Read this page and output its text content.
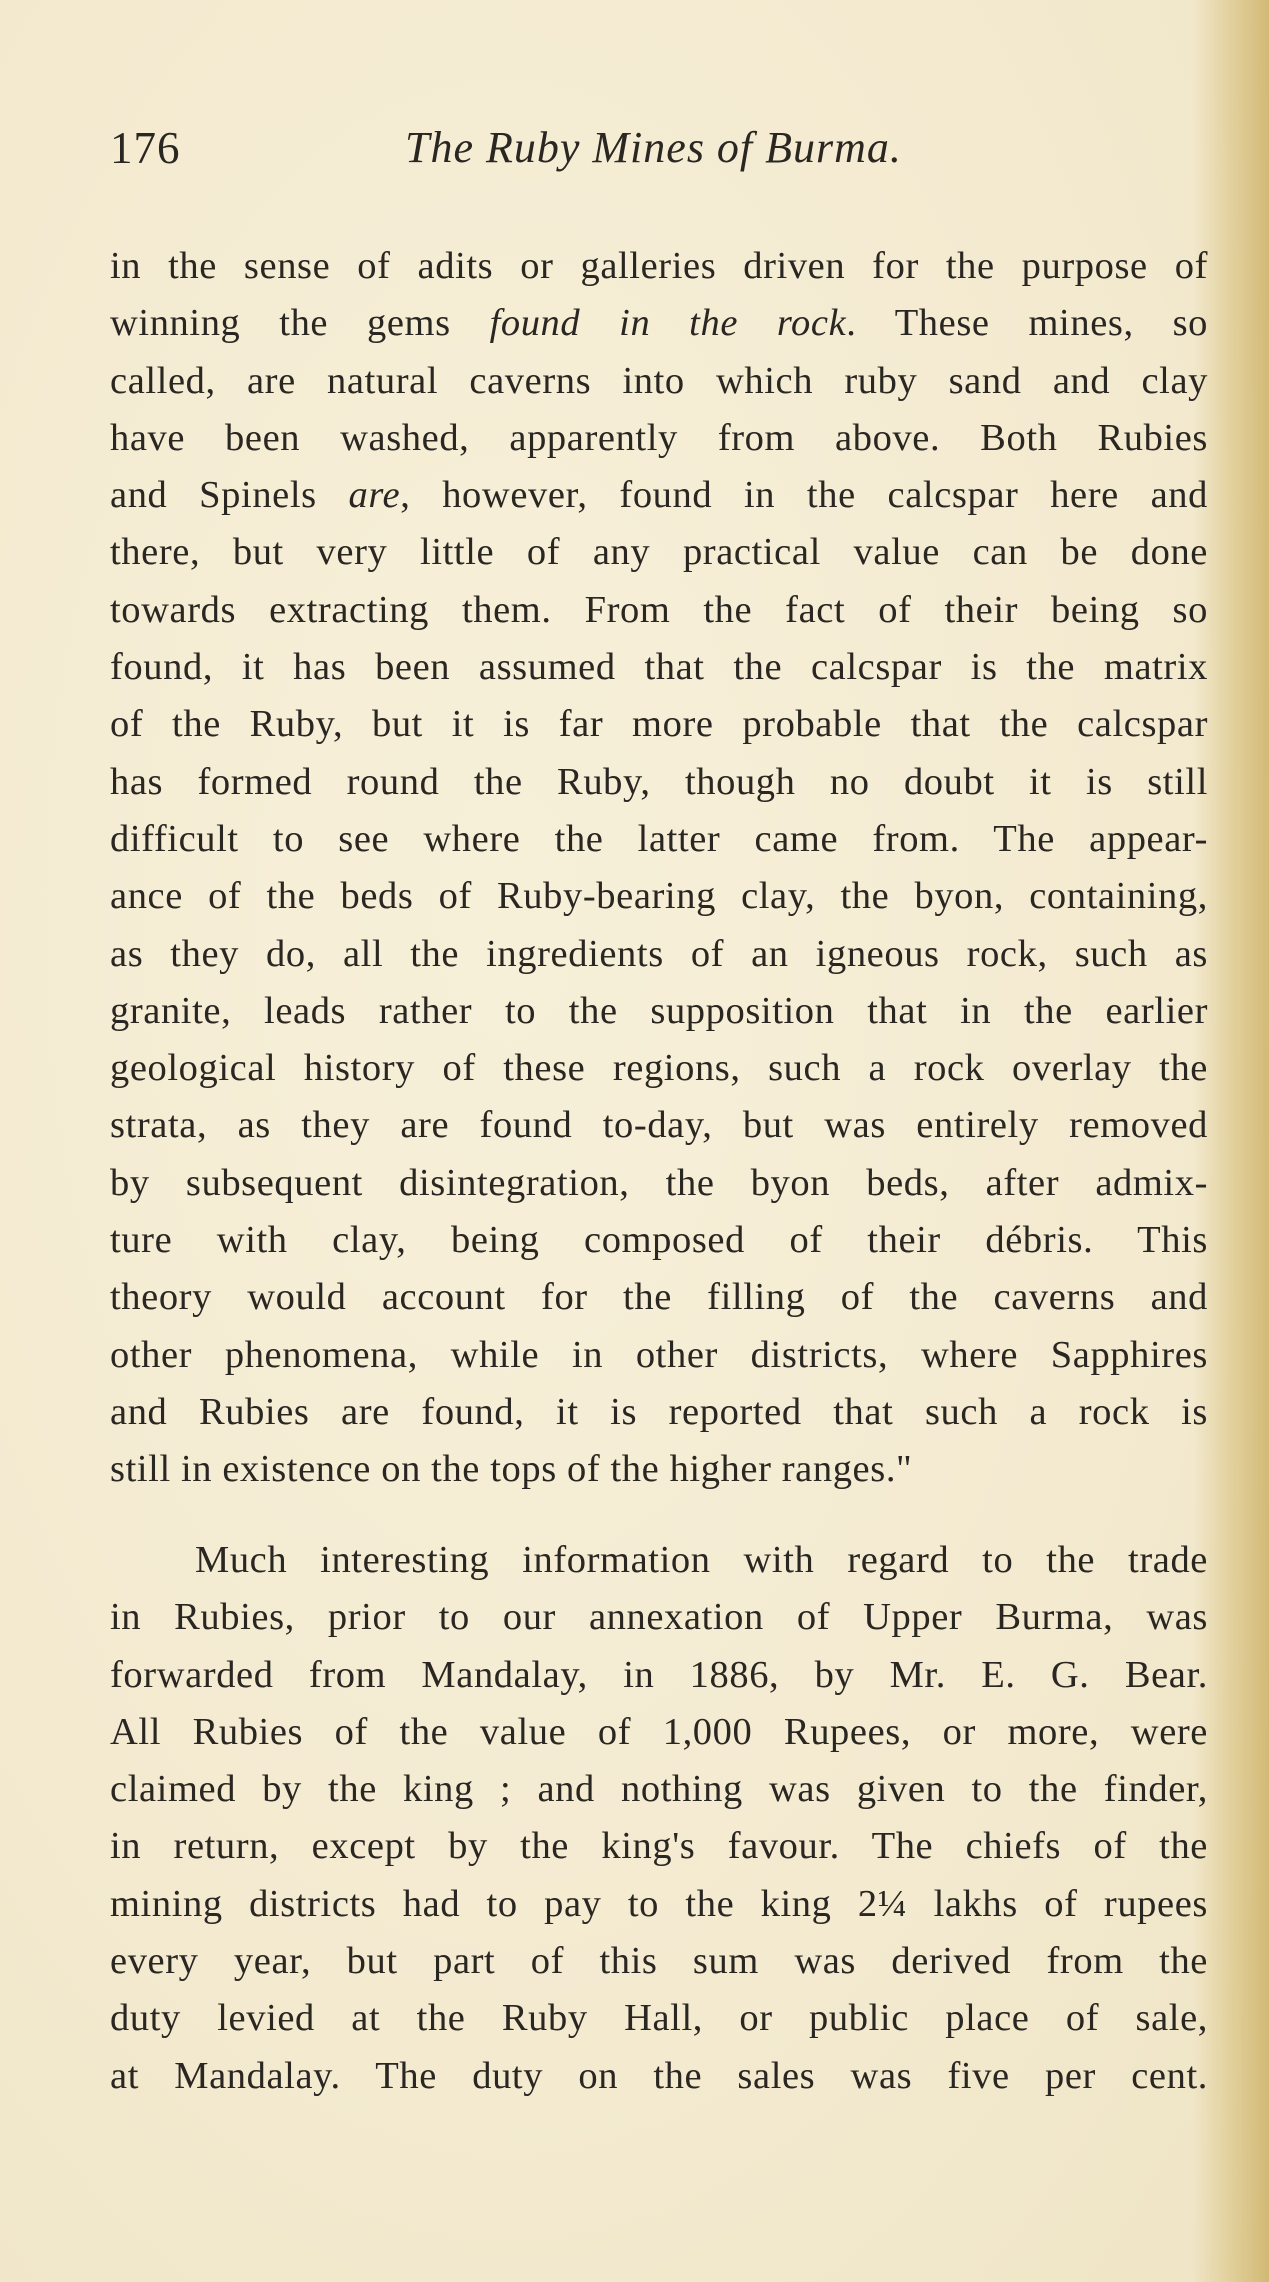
176	The Ruby Mines of Burma.
in the sense of adits or galleries driven for the purpose of
winning the gems found in the rock. These mines, so
called, are natural caverns into which ruby sand and clay
have been washed, apparently from above. Both Rubies
and Spinels are, however, found in the calcspar here and
there, but very little of any practical value can be done
towards extracting them. From the fact of their being so
found, it has been assumed that the calcspar is the matrix
of the Ruby, but it is far more probable that the calcspar
has formed round the Ruby, though no doubt it is still
difficult to see where the latter came from. The appear-
ance of the beds of Ruby-bearing clay, the byon, containing,
as they do, all the ingredients of an igneous rock, such as
granite, leads rather to the supposition that in the earlier
geological history of these regions, such a rock overlay the
strata, as they are found to-day, but was entirely removed
by subsequent disintegration, the byon beds, after admix-
ture with clay, being composed of their débris. This
theory would account for the filling of the caverns and
other phenomena, while in other districts, where Sapphires
and Rubies are found, it is reported that such a rock is
still in existence on the tops of the higher ranges."
Much interesting information with regard to the trade
in Rubies, prior to our annexation of Upper Burma, was
forwarded from Mandalay, in 1886, by Mr. E. G. Bear.
All Rubies of the value of 1,000 Rupees, or more, were
claimed by the king ; and nothing was given to the finder,
in return, except by the king's favour. The chiefs of the
mining districts had to pay to the king 2¼ lakhs of rupees
every year, but part of this sum was derived from the
duty levied at the Ruby Hall, or public place of sale,
at Mandalay. The duty on the sales was five per cent.
